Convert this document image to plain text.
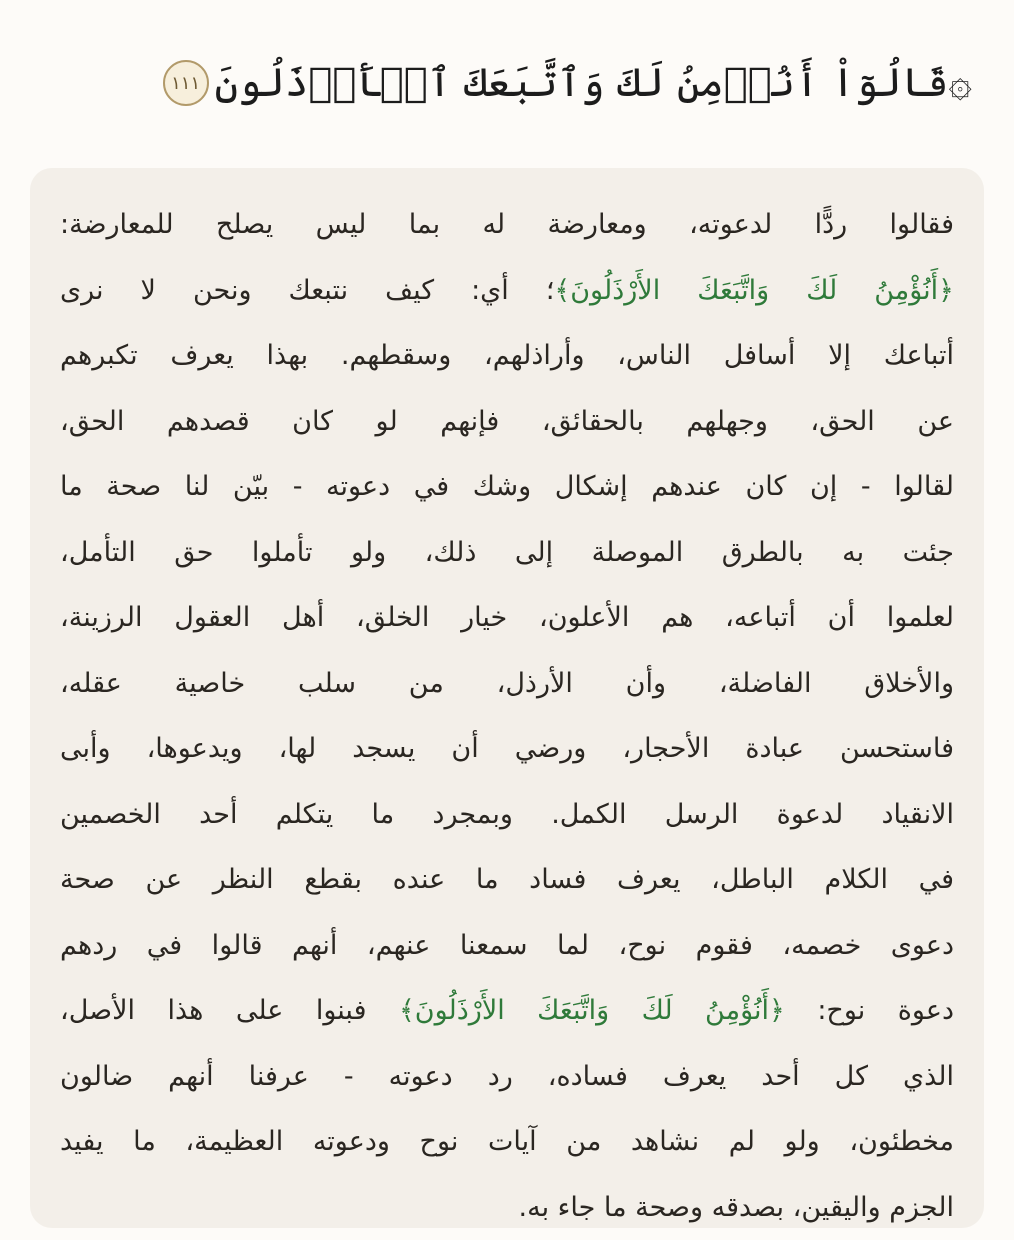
۞قَالُوٓاْ أَنُؤۡمِنُ لَكَ وَٱتَّبَعَكَ ٱلۡأَرۡذَلُونَ
١١١
فقالوا ردًّا لدعوته، ومعارضة له بما ليس يصلح للمعارضة:
﴿أَنُؤْمِنُ لَكَ وَاتَّبَعَكَ الأَرْذَلُونَ﴾؛ أي: كيف نتبعك ونحن لا نرى
أتباعك إلا أسافل الناس، وأراذلهم، وسقطهم. بهذا يعرف تكبرهم
عن الحق، وجهلهم بالحقائق، فإنهم لو كان قصدهم الحق،
لقالوا - إن كان عندهم إشكال وشك في دعوته - بيّن لنا صحة ما
جئت به بالطرق الموصلة إلى ذلك، ولو تأملوا حق التأمل،
لعلموا أن أتباعه، هم الأعلون، خيار الخلق، أهل العقول الرزينة،
والأخلاق الفاضلة، وأن الأرذل، من سلب خاصية عقله،
فاستحسن عبادة الأحجار، ورضي أن يسجد لها، ويدعوها، وأبى
الانقياد لدعوة الرسل الكمل. وبمجرد ما يتكلم أحد الخصمين
في الكلام الباطل، يعرف فساد ما عنده بقطع النظر عن صحة
دعوى خصمه، فقوم نوح، لما سمعنا عنهم، أنهم قالوا في ردهم
دعوة نوح: ﴿أَنُؤْمِنُ لَكَ وَاتَّبَعَكَ الأَرْذَلُونَ﴾ فبنوا على هذا الأصل،
الذي كل أحد يعرف فساده، رد دعوته - عرفنا أنهم ضالون
مخطئون، ولو لم نشاهد من آيات نوح ودعوته العظيمة، ما يفيد
الجزم واليقين، بصدقه وصحة ما جاء به.
